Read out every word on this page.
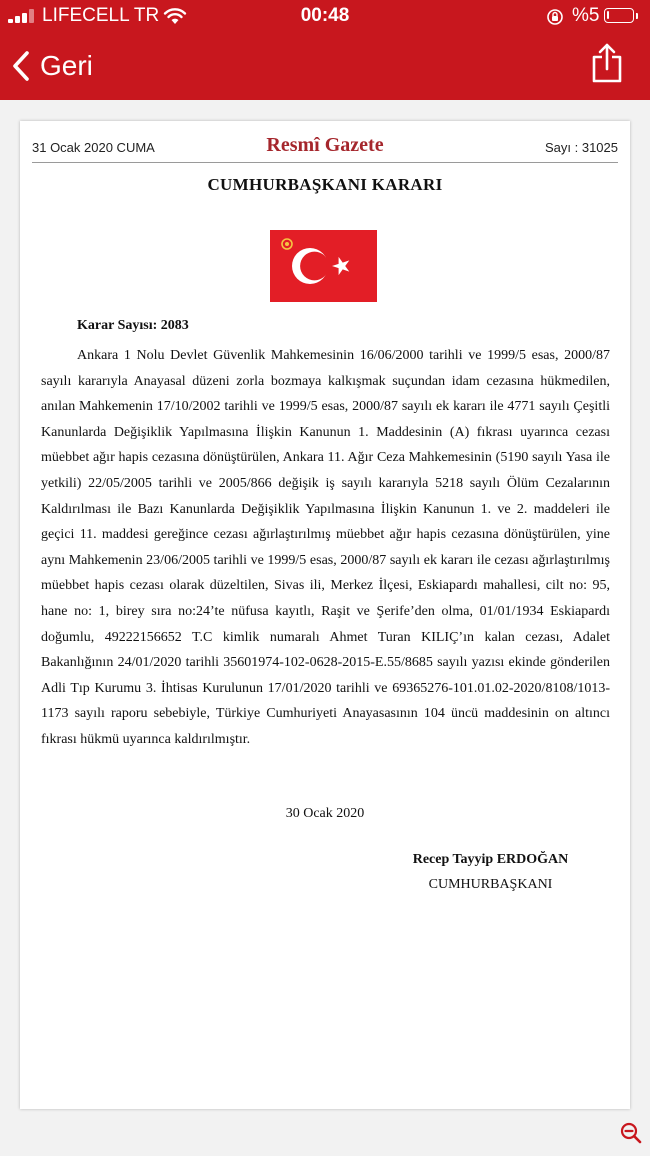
LIFECELL TR	00:48	%5
Geri
31 Ocak 2020 CUMA	Resmî Gazete	Sayı : 31025
CUMHURBAŞKANI KARARI
Karar Sayısı: 2083

Ankara 1 Nolu Devlet Güvenlik Mahkemesinin 16/06/2000 tarihli ve 1999/5 esas, 2000/87 sayılı kararıyla Anayasal düzeni zorla bozmaya kalkışmak suçundan idam cezasına hükmedilen, anılan Mahkemenin 17/10/2002 tarihli ve 1999/5 esas, 2000/87 sayılı ek kararı ile 4771 sayılı Çeşitli Kanunlarda Değişiklik Yapılmasına İlişkin Kanunun 1. Maddesinin (A) fıkrası uyarınca cezası müebbet ağır hapis cezasına dönüştürülen, Ankara 11. Ağır Ceza Mahkemesinin (5190 sayılı Yasa ile yetkili) 22/05/2005 tarihli ve 2005/866 değişik iş sayılı kararıyla 5218 sayılı Ölüm Cezalarının Kaldırılması ile Bazı Kanunlarda Değişiklik Yapılmasına İlişkin Kanunun 1. ve 2. maddeleri ile geçici 11. maddesi gereğince cezası ağırlaştırılmış müebbet ağır hapis cezasına dönüştürülen, yine aynı Mahkemenin 23/06/2005 tarihli ve 1999/5 esas, 2000/87 sayılı ek kararı ile cezası ağırlaştırılmış müebbet hapis cezası olarak düzeltilen, Sivas ili, Merkez İlçesi, Eskiapardı mahallesi, cilt no: 95, hane no: 1, birey sıra no:24’te nüfusa kayıtlı, Raşit ve Şerife’den olma, 01/01/1934 Eskiapardı doğumlu, 49222156652 T.C kimlik numaralı Ahmet Turan KILIÇ’ın kalan cezası, Adalet Bakanlığının 24/01/2020 tarihli 35601974-102-0628-2015-E.55/8685 sayılı yazısı ekinde gönderilen Adli Tıp Kurumu 3. İhtisas Kurulunun 17/01/2020 tarihli ve 69365276-101.01.02-2020/8108/1013-1173 sayılı raporu sebebiyle, Türkiye Cumhuriyeti Anayasasının 104 üncü maddesinin on altıncı fıkrası hükmü uyarınca kaldırılmıştır.

30 Ocak 2020
Recep Tayyip ERDOĞAN
CUMHURBAŞKANI
